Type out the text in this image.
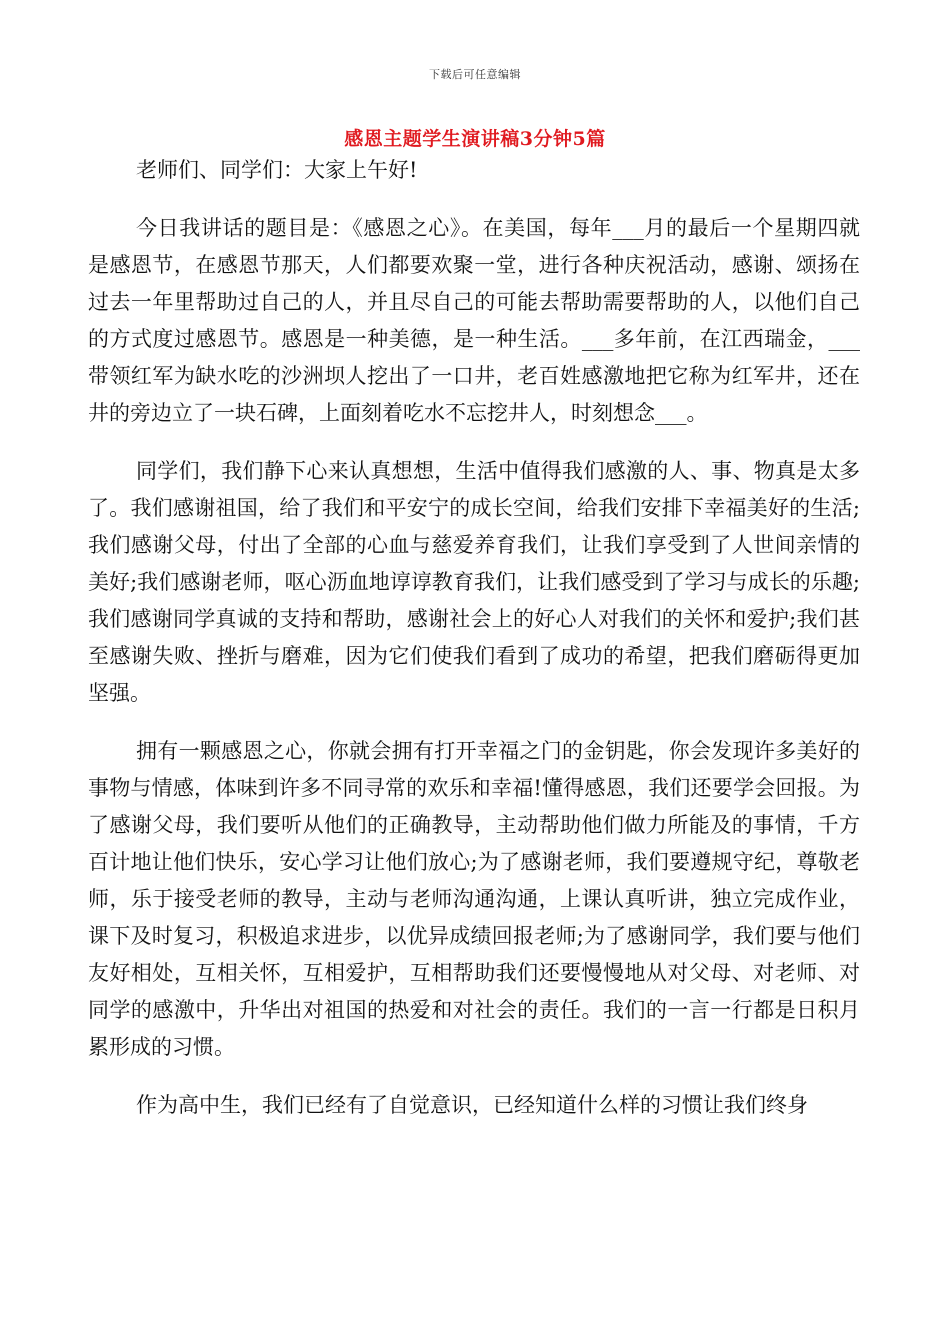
下载后可任意编辑
感恩主题学生演讲稿3分钟5篇

老师们、同学们：大家上午好!

今日我讲话的题目是：《感恩之心》。在美国，每年___月的最后一个星期四就是感恩节，在感恩节那天，人们都要欢聚一堂，进行各种庆祝活动，感谢、颂扬在过去一年里帮助过自己的人，并且尽自己的可能去帮助需要帮助的人，以他们自己的方式度过感恩节。感恩是一种美德，是一种生活。___多年前，在江西瑞金，___带领红军为缺水吃的沙洲坝人挖出了一口井，老百姓感激地把它称为红军井，还在井的旁边立了一块石碑，上面刻着吃水不忘挖井人，时刻想念___。

同学们，我们静下心来认真想想，生活中值得我们感激的人、事、物真是太多了。我们感谢祖国，给了我们和平安宁的成长空间，给我们安排下幸福美好的生活;我们感谢父母，付出了全部的心血与慈爱养育我们，让我们享受到了人世间亲情的美好;我们感谢老师，呕心沥血地谆谆教育我们，让我们感受到了学习与成长的乐趣;我们感谢同学真诚的支持和帮助，感谢社会上的好心人对我们的关怀和爱护;我们甚至感谢失败、挫折与磨难，因为它们使我们看到了成功的希望，把我们磨砺得更加坚强。

拥有一颗感恩之心，你就会拥有打开幸福之门的金钥匙，你会发现许多美好的事物与情感，体味到许多不同寻常的欢乐和幸福!懂得感恩，我们还要学会回报。为了感谢父母，我们要听从他们的正确教导，主动帮助他们做力所能及的事情，千方百计地让他们快乐，安心学习让他们放心;为了感谢老师，我们要遵规守纪，尊敬老师，乐于接受老师的教导，主动与老师沟通沟通，上课认真听讲，独立完成作业，课下及时复习，积极追求进步，以优异成绩回报老师;为了感谢同学，我们要与他们友好相处，互相关怀，互相爱护，互相帮助我们还要慢慢地从对父母、对老师、对同学的感激中，升华出对祖国的热爱和对社会的责任。我们的一言一行都是日积月累形成的习惯。

作为高中生，我们已经有了自觉意识，已经知道什么样的习惯让我们终身
